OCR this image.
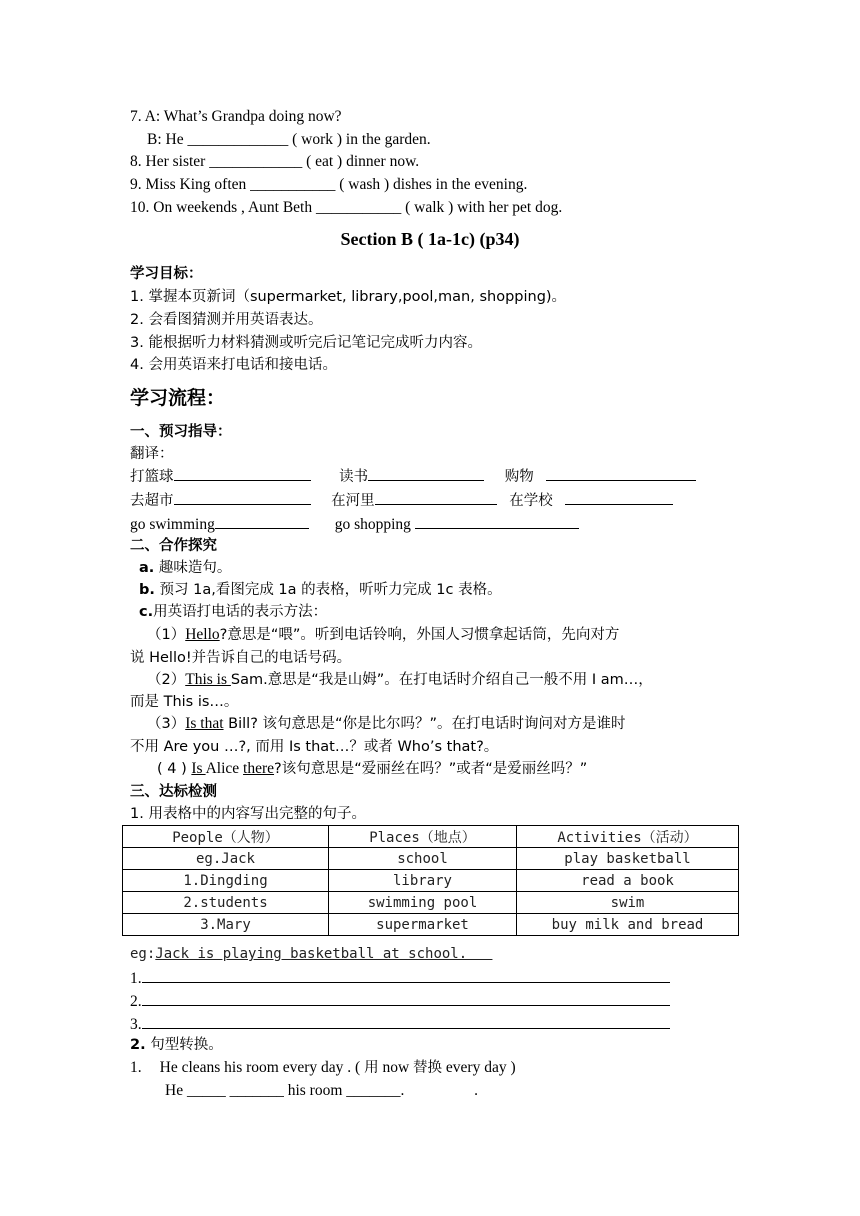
7. A: What’s Grandpa doing now?
B: He _____________ ( work ) in the garden.
8. Her sister ____________ ( eat ) dinner now.
9. Miss King often ___________ ( wash ) dishes in the evening.
10. On weekends , Aunt Beth ___________ ( walk ) with her pet dog.
Section B ( 1a-1c) (p34)
学习目标：
1. 掌握本页新词（supermarket, library,pool,man, shopping)。
2. 会看图猜测并用英语表达。
3. 能根据听力材料猜测或听完后记笔记完成听力内容。
4. 会用英语来打电话和接电话。
学习流程：
一、预习指导：
翻译：
打篮球	读书	购物
去超市	在河里	在学校
go swimming	go shopping
二、合作探究
a. 趣味造句。
b. 预习 1a,看图完成 1a 的表格，听听力完成 1c 表格。
c.用英语打电话的表示方法：
（1）Hello?意思是“喂”。听到电话铃响，外国人习惯拿起话筒，先向对方
说 Hello!并告诉自己的电话号码。
（2）This is Sam.意思是“我是山姆”。在打电话时介绍自己一般不用 I am…，
而是 This is…。
（3）Is that Bill? 该句意思是“你是比尔吗？”。在打电话时询问对方是谁时
不用 Are you …?, 而用 Is that…？或者 Who’s that?。
( 4 ) Is Alice there?该句意思是“爱丽丝在吗？”或者“是爱丽丝吗？”
三、达标检测
1. 用表格中的内容写出完整的句子。
People（人物）	Places（地点）	Activities（活动）
eg.Jack	school	play basketball
1.Dingding	library	read a book
2.students	swimming pool	swim
3.Mary	supermarket	buy milk and bread
eg:Jack is playing basketball at school.
1.
2.
3.
2. 句型转换。
1. He cleans his room every day . ( 用 now 替换 every day )
He _____ _______ his room _______.                  .
